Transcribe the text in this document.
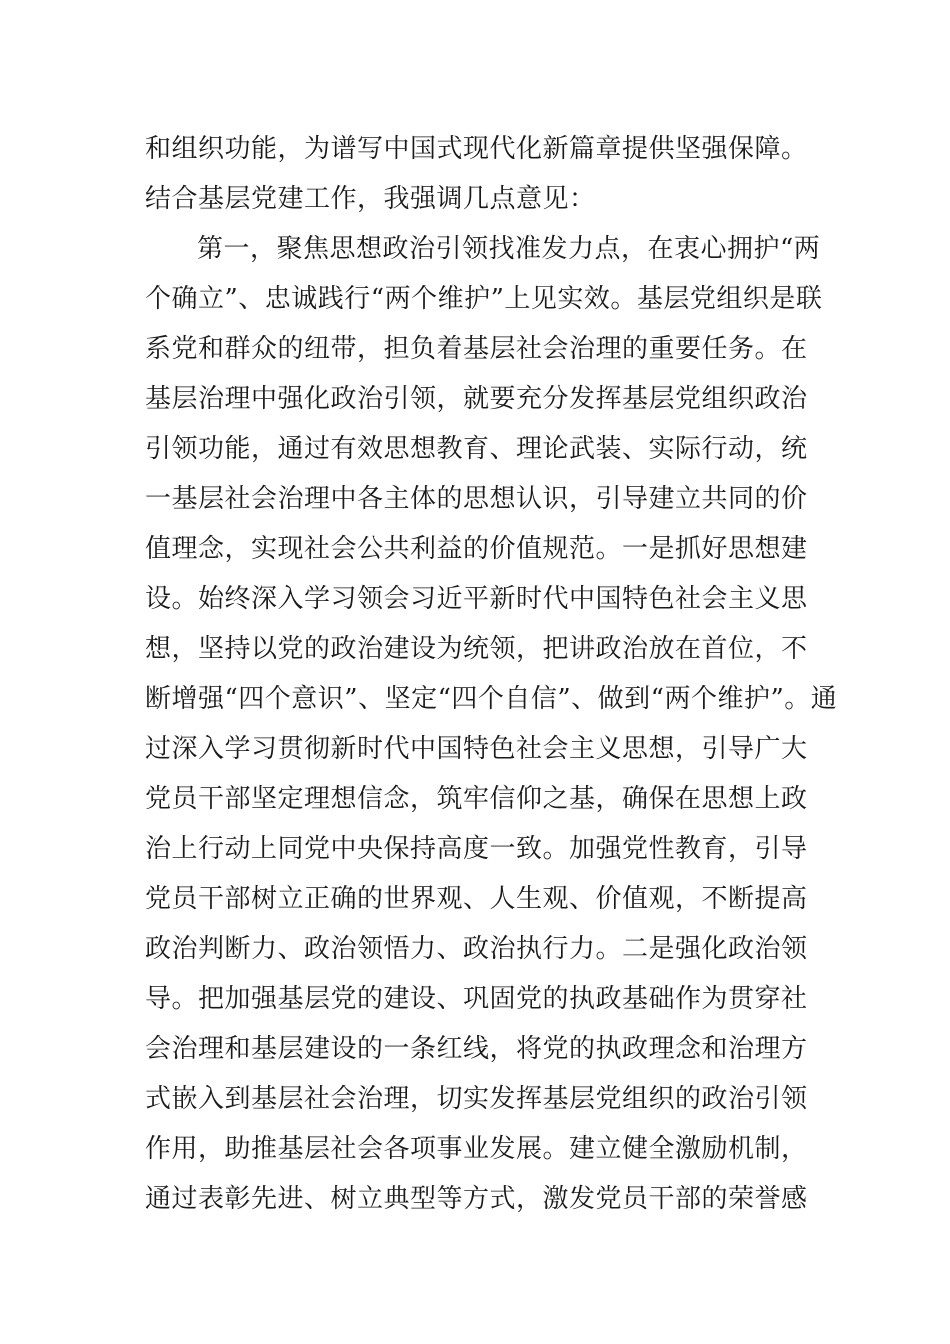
和组织功能，为谱写中国式现代化新篇章提供坚强保障。
结合基层党建工作，我强调几点意见：
第一，聚焦思想政治引领找准发力点，在衷心拥护“两
个确立”、忠诚践行“两个维护”上见实效。基层党组织是联
系党和群众的纽带，担负着基层社会治理的重要任务。在
基层治理中强化政治引领，就要充分发挥基层党组织政治
引领功能，通过有效思想教育、理论武装、实际行动，统
一基层社会治理中各主体的思想认识，引导建立共同的价
值理念，实现社会公共利益的价值规范。一是抓好思想建
设。始终深入学习领会习近平新时代中国特色社会主义思
想，坚持以党的政治建设为统领，把讲政治放在首位，不
断增强“四个意识”、坚定“四个自信”、做到“两个维护”。通
过深入学习贯彻新时代中国特色社会主义思想，引导广大
党员干部坚定理想信念，筑牢信仰之基，确保在思想上政
治上行动上同党中央保持高度一致。加强党性教育，引导
党员干部树立正确的世界观、人生观、价值观，不断提高
政治判断力、政治领悟力、政治执行力。二是强化政治领
导。把加强基层党的建设、巩固党的执政基础作为贯穿社
会治理和基层建设的一条红线，将党的执政理念和治理方
式嵌入到基层社会治理，切实发挥基层党组织的政治引领
作用，助推基层社会各项事业发展。建立健全激励机制，
通过表彰先进、树立典型等方式，激发党员干部的荣誉感
